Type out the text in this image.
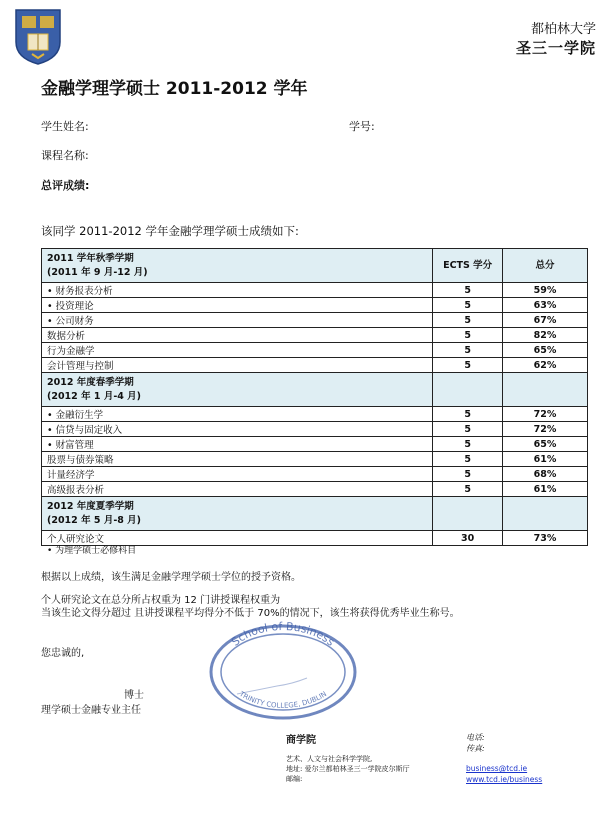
都柏林大学
圣三一学院
金融学理学硕士 2011-2012 学年
学生姓名:	学号:
课程名称:
总评成绩:
该同学 2011-2012 学年金融学理学硕士成绩如下:
2011 学年秋季学期
(2011 年 9 月-12 月)	ECTS 学分	总分
• 财务报表分析	5	59%
• 投资理论	5	63%
• 公司财务	5	67%
数据分析	5	82%
行为金融学	5	65%
会计管理与控制	5	62%

2012 年度春季学期
(2012 年 1 月-4 月)		

• 金融衍生学	5	72%
• 信贷与固定收入	5	72%
• 财富管理	5	65%
股票与债券策略	5	61%
计量经济学	5	68%
高级报表分析	5	61%

2012 年度夏季学期
(2012 年 5 月-8 月)		

个人研究论文	30	73%
• 为理学硕士必修科目
根据以上成绩，该生满足金融学理学硕士学位的授予资格。
个人研究论文在总分所占权重为 12 门讲授课程权重为
当该生论文得分超过 且讲授课程平均得分不低于 70%的情况下，该生将获得优秀毕业生称号。
您忠诚的,
博士
理学硕士金融专业主任
School of Business
TRINITY COLLEGE, DUBLIN
商学院
艺术、人文与社会科学学院,
地址: 爱尔兰都柏林圣三一学院皮尔斯厅
邮编:
电话:
传真:
business@tcd.ie
www.tcd.ie/business
